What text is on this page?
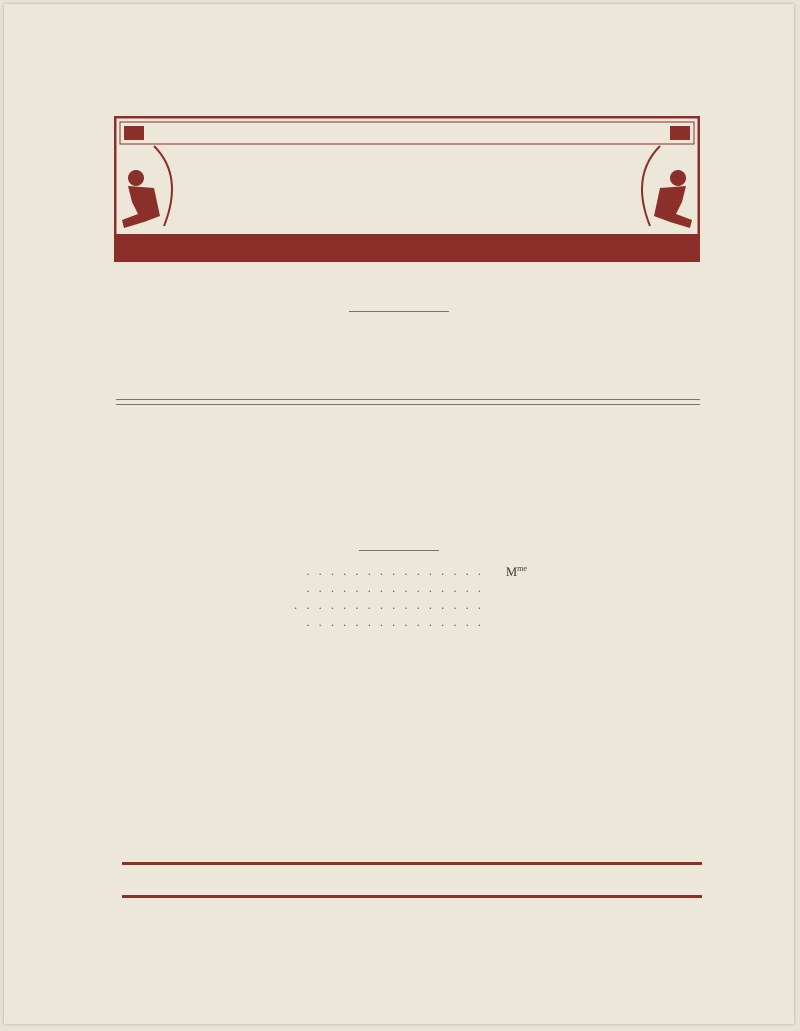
. . . . . . . . . . . . . . . $M^{me}$
. . . . . . . . . . . . . . .
. . . . . . . . . . . . . . . .
. . . . . . . . . . . . . . .
